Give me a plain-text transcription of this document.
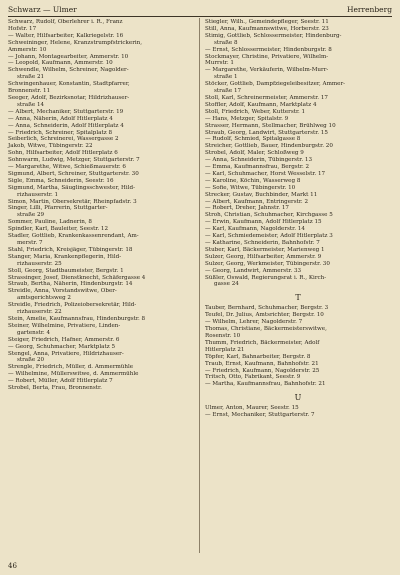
Schwarz — Ulmer	Herrenberg
Schwarz, Rudolf, Oberlehrer i. R., Franz
Hofstr. 17
— Walter, Hilfsarbeiter, Kalkriegelstr. 16
Schweininger, Helene, Kranzstrumpfstrickerin,
Ammerstr. 10
— Johann, Montagearbeiter, Ammerstr. 10
— Leopold, Kaufmann, Ammerstr. 10
Schwendle, Wilhelm, Schreiner, Nagolder-
straße 21
Schwingenhauer, Konstantin, Stadtpfarrer,
Bronnenstr. 11
Seeger, Adolf, Bezirksnotar, Hildrizhauser-
straße 14
— Albert, Mechaniker, Stuttgarterstr. 19
— Anna, Näherin, Adolf Hitlerplatz 4
— Anna, Schneiderin, Adolf Hitlerplatz 4
— Friedrich, Schreiner, Spitalplatz 8
Seiberlich, Schreinerei, Wassergasse 2
Jakob, Witwe, Tübingerstr. 22
Sohn, Hilfsarbeiter, Adolf Hitlerplatz 6
Sohnwarm, Ludwig, Metzger, Stuttgarterstr. 7
— Margarethe, Witwe, Schießmauerstr. 6
Sigmund, Albert, Schreiner, Stuttgarterstr. 30
Sigle, Emma, Schneiderin, Seestr. 16
Sigmund, Martha, Säuglingsschwester, Hild-
rizhauserstr. 1
Simon, Martin, Obersekretär, Rheinpfadstr. 3
Singer, Lilli, Pfarrerin, Stuttgarter-
straße 29
Sommer, Pauline, Ladnerin, 8
Spindler, Karl, Bauleiter, Seestr. 12
Stadler, Gottlieb, Krankenkassenrendant, Am-
merstr. 7
Stahl, Friedrich, Kreisjäger, Tübingerstr. 18
Stanger, Maria, Krankenpflegerin, Hild-
rizhauserstr. 25
Stoll, Georg, Stadtbaumeister, Bergstr. 1
Strassinger, Josef, Dienstknecht, Schäfergasse 4
Straub, Bertha, Näherin, Hindenburgstr. 14
Streidle, Anna, Vorstandswitwe, Ober-
amtsgerichtsweg 2
Streidle, Friedrich, Polizeiobersekretär, Hild-
rizhauserstr. 22
Stein, Amelie, Kaufmannsfrau, Hindenburgstr. 8
Steiner, Wilhelmine, Privatiere, Linden-
gartenstr. 4
Steiger, Friedrich, Hafner, Ammerstr. 6
— Georg, Schuhmacher, Marktplatz 5
Stengel, Anna, Privatiere, Hildrizhauser-
straße 20
Strengle, Friedrich, Müller, d. Ammermühle
— Wilhelmine, Müllerswitwe, d. Ammermühle
— Robert, Müller, Adolf Hitlerplatz 7
Strobel, Berta, Frau, Bronnenstr.
Stiegler, Wilh., Gemeindepfleger, Seestr. 11
Still, Anna, Kaufmannswitwe, Horberstr. 23
Stimig, Gottlieb, Schlossermeister, Hindenburg-
straße 8
— Ernst, Schlossermeister, Hindenburgstr. 8
Stockmayer, Christine, Privatiere, Wilhelm-
Murrstr. 1
— Margarethe, Verkäuferin, Wilhelm-Murr-
straße 1
Stöcker, Gottlieb, Dampfziegeleibesitzer, Ammer-
straße 17
Stoll, Karl, Schreinermeister, Ammerstr. 17
Stoffler, Adolf, Kaufmann, Marktplatz 4
Stoll, Friedrich, Weber, Kutterstr. 1
— Hans, Metzger, Spitalstr. 9
Strasser, Hermann, Stellmacher, Brühlweg 10
Straub, Georg, Landwirt, Stuttgarterstr. 15
— Rudolf, Schmied, Spitalgasse 8
Streicher, Gottlieb, Bauer, Hindenburgstr. 20
Strobel, Adolf, Maler, Schloßweg 9
— Anna, Schneiderin, Tübingerstr. 13
— Emma, Kaufmannsfrau, Bergstr. 2
— Karl, Schuhmacher, Horst Wesselstr. 17
— Karoline, Köchin, Wasserweg 8
— Sofie, Witwe, Tübingerstr. 10
Strecker, Gustav, Buchbinder, Markt 11
— Albert, Kaufmann, Entringerstr. 2
— Robert, Dreher, Jahnstr. 17
Stroh, Christian, Schuhmacher, Kirchgasse 5
— Erwin, Kaufmann, Adolf Hitlerplatz 15
— Karl, Kaufmann, Nagolderstr. 14
— Karl, Schmiedemeister, Adolf Hitlerplatz 3
— Katharine, Schneiderin, Bahnhofstr. 7
Stuber, Karl, Bäckermeister, Marienweg 1
Sulzer, Georg, Hilfsarbeiter, Ammerstr. 9
Sulzer, Georg, Werkmeister, Tübingerstr. 30
— Georg, Landwirt, Ammerstr. 33
Süßler, Oswald, Regierungsrat i. R., Kirch-
gasse 24
T
Tauber, Bernhard, Schuhmacher, Bergstr. 3
Teufel, Dr. Julius, Amtsrichter, Bergstr. 10
— Wilhelm, Lehrer, Nagolderstr. 7
Thomas, Christiane, Bäckermeisterswitwe,
Rosenstr. 10
Thumm, Friedrich, Bäckermeister, Adolf
Hitlerplatz 21
Töpfer, Karl, Bahnarbeiter, Bergstr. 8
Traub, Ernst, Kaufmann, Bahnhofstr. 21
— Friedrich, Kaufmann, Nagolderstr. 25
Tritsch, Otto, Fabrikant, Seestr. 9
— Martha, Kaufmannsfrau, Bahnhofstr. 21
U
Ulmer, Anton, Maurer, Seestr. 15
— Ernst, Mechaniker, Stuttgarterstr. 7
46
